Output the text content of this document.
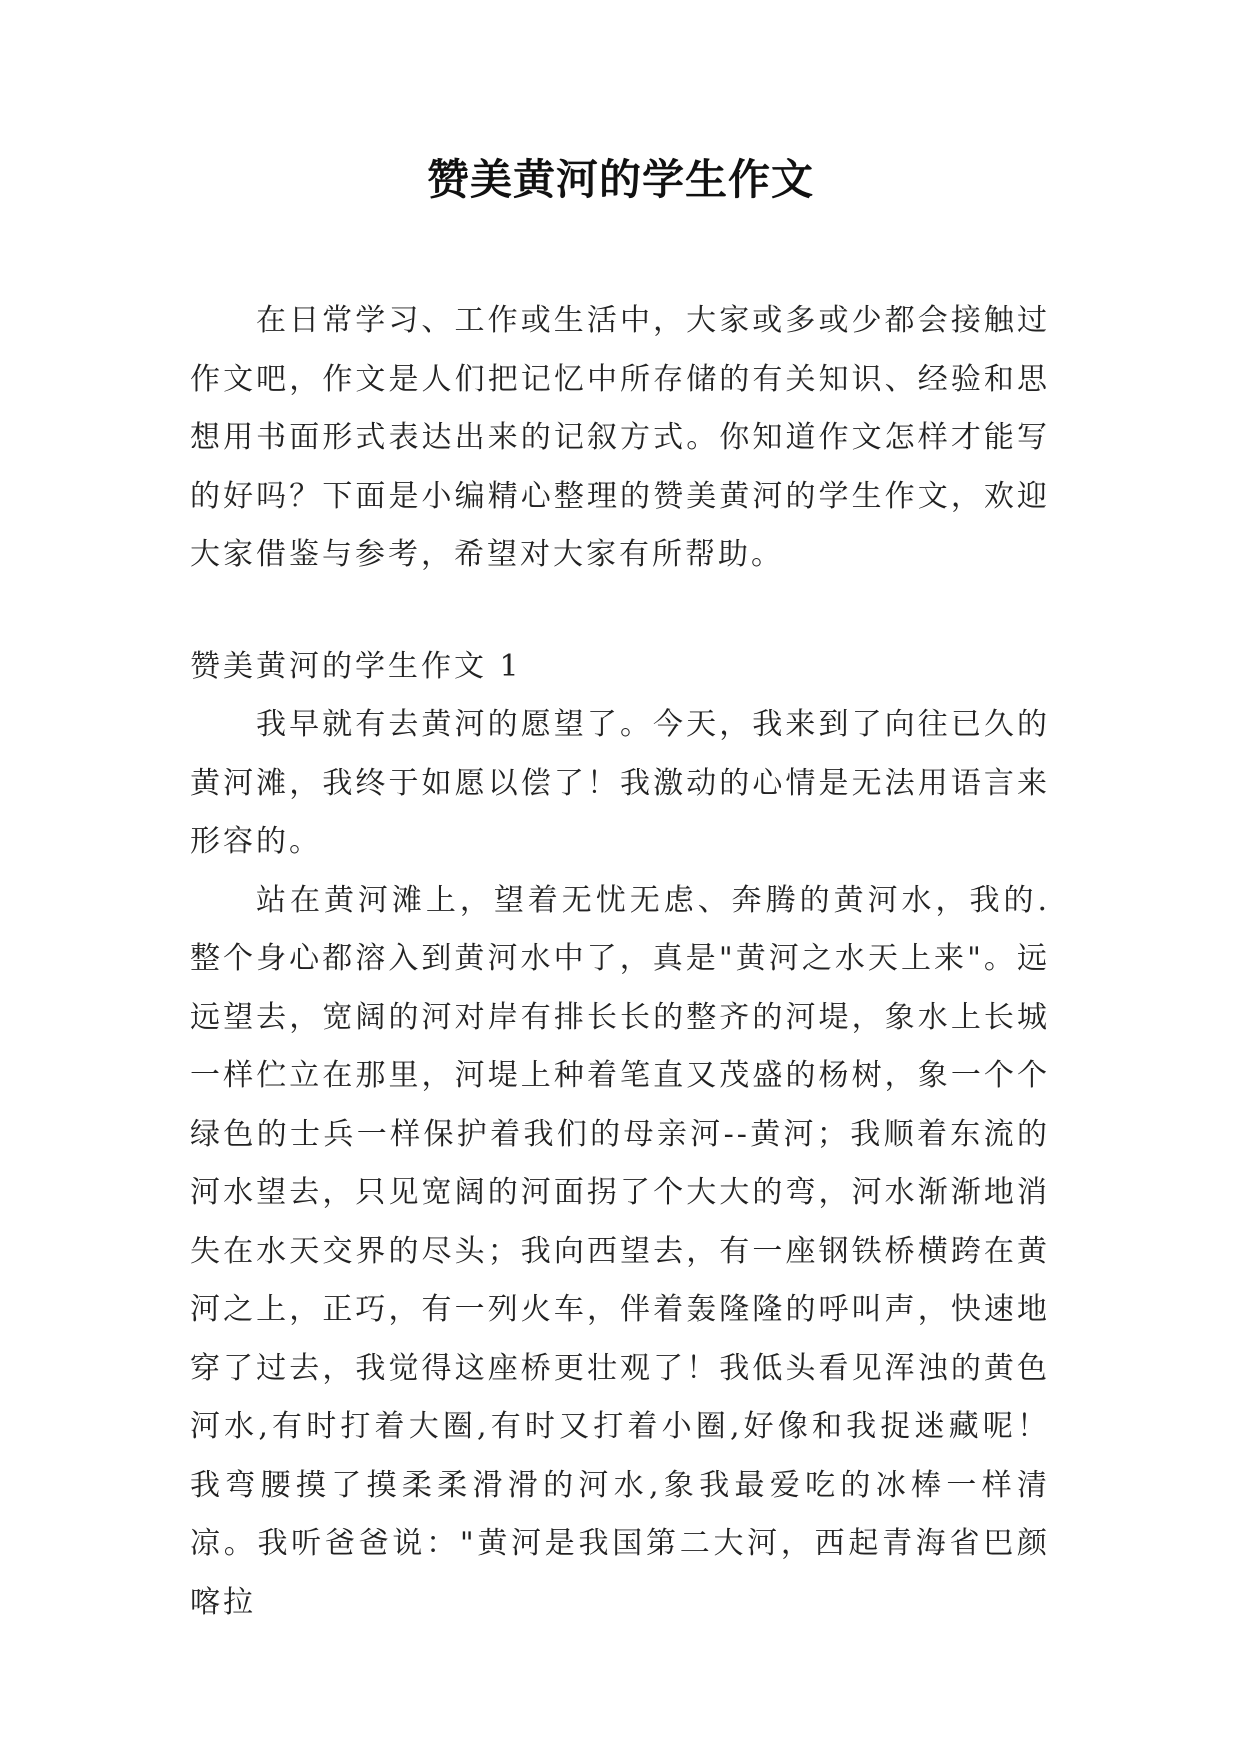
赞美黄河的学生作文

在日常学习、工作或生活中，大家或多或少都会接触过作文吧，作文是人们把记忆中所存储的有关知识、经验和思想用书面形式表达出来的记叙方式。你知道作文怎样才能写的好吗？下面是小编精心整理的赞美黄河的学生作文，欢迎大家借鉴与参考，希望对大家有所帮助。

赞美黄河的学生作文 1

我早就有去黄河的愿望了。今天，我来到了向往已久的黄河滩，我终于如愿以偿了！我激动的心情是无法用语言来形容的。

站在黄河滩上，望着无忧无虑、奔腾的黄河水，我的.整个身心都溶入到黄河水中了，真是"黄河之水天上来"。远远望去，宽阔的河对岸有排长长的整齐的河堤，象水上长城一样伫立在那里，河堤上种着笔直又茂盛的杨树，象一个个绿色的士兵一样保护着我们的母亲河--黄河；我顺着东流的河水望去，只见宽阔的河面拐了个大大的弯，河水渐渐地消失在水天交界的尽头；我向西望去，有一座钢铁桥横跨在黄河之上，正巧，有一列火车，伴着轰隆隆的呼叫声，快速地穿了过去，我觉得这座桥更壮观了！我低头看见浑浊的黄色河水,有时打着大圈,有时又打着小圈,好像和我捉迷藏呢！我弯腰摸了摸柔柔滑滑的河水,象我最爱吃的冰棒一样清凉。我听爸爸说："黄河是我国第二大河，西起青海省巴颜喀拉
